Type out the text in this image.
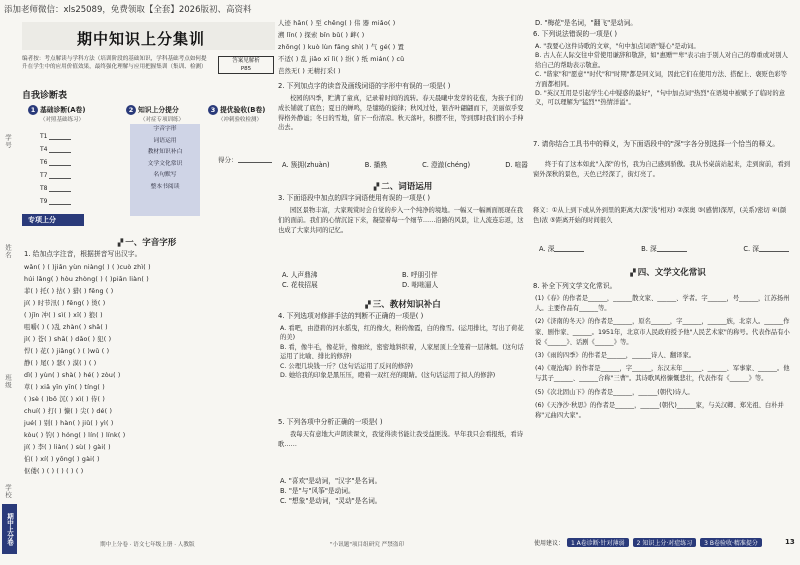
添加老师微信：xls25089，免费领取【全套】2026版初、高资料
学号
姓名
班级
学校
期中上分卷
期中知识上分集训
编者按：考点解读与学科方法（培训阶段的基础知识，学科基础考点如何提升在学生中的应用价值效果，最终强化理解与应用把握集训（集训、检测）
答案见解析
P85
自我诊断表
1 基础诊断(A卷)
（对照基础练习）
2 知识上分提分
（对症专项训练）
3 提优验收(B卷)
（冲刺验收检测）
T1
T4
T6
T7
T8
T9
字音字形
词语运用
教材知识补白
文学文化常识
名句默写
整本书阅读
得分：
专项上分
▞ 一、字音字形
1. 给加点字注音，根据拼音写出汉字。
wǎn( ) ( )jiǎn yùn niàng( ) ( )cuò zhì( )
húi lǎng( ) hòu zhòng( ) ( )piān liàn( )
菲( ) 托( ) 拈( ) 猎( ) fēng ( )
jí( ) 时节汛( ) fēng( ) 烫( )
( )jǐn 冲( ) sì( ) xī( ) 狼( )
咀嚼( ) ( )乱 zhàn( ) shā( )
jì( ) 苍( ) shā( ) dǎo( ) 犯( )
悍( ) 花( ) jiǎng( ) ( )wǔ ( )
静( ) 尾( ) 瑟( ) 漠( ) ( )
dì( ) yùn( ) shà( ) hé( ) zòu( )
草( ) xiā yīn yīn( ) tíng( )
( )sè ( )bō 沉( ) xì( ) 侍( )
chuí( ) 打( ) 慷( ) 尖( ) dé( )
jué( ) 别( ) hàn( ) jiǔ( ) yì( )
kòu( ) 钓( ) hóng( ) lín( ) línk( )
jí( ) 李( ) liàn( ) sù( ) ɡài( )
伯( ) xí( ) yōng( ) gài( )
伛偻( ) ( ) ( ) ( ) ( )
人迹 hān( ) 至 chēng( ) 伟 器 miǎo( )
溯 lǐn( ) 探索 bǐn bǔ( ) 衅( )
zhōnɡ( ) kuò lùn fāng shì( ) 气 ɡé( ) 置
不适( ) 乱 jiǎo xī lì( ) 纷( ) 纸 mián( ) cǔ
芭然无( ) 无精打采( )
2. 下列加点字的读音及画线词语的字形中有误的一项是( )
校园的四季，贮满了童真，记录着时间的流转。春天晨曦中发芽的花苞，为孩子们的成长铺就了底色；夏日的蝉鸣，是缱绻的旋律；秋风过处，银杏叶翩翩而下，美丽似乎变得格外静谧；冬日的雪地，留下一份清凉。秋天落叶，积攒不住，等到那时我们的小手伸出去。
A. 簇拥(zhuàn)	B. 播熟	C. 澄澈(chéng)	D. 喧嚣
▞ 二、词语运用
3. 下面语段中加点的四字词语使用有误的一项是( )
园区景物丰富，大家观赏时会自觉的步入一个纯净的境地。一幅又一幅画面展现在我们的面前。我们的心情沉淀下来，凝望着每一个细节……沿路的风景，让人流连忘返，这也成了大家共同的记忆。
A. 人声鼎沸	B. 呼朋引伴
C. 花枝招展	D. 咄咄逼人
▞ 三、教材知识补白
4. 下列选项对修辞手法的判断不正确的一项是( )
A. 看吧，由澄碧的河水摇曳，红的像火，粉的像霞，白的像雪。(运用排比，写出了荷花的美)
B. 看，像牛毛，像花针，像细丝，密密地斜织着，人家屋顶上全笼着一层薄烟。(这句话运用了比喻、排比的修辞)
C. 公理几块钱一斤？(这句话运用了反问的修辞)
D. 她给我的印象是黑压压，瞪着一双红亮的眼睛。(这句话运用了拟人的修辞)
5. 下列各项中分析正确的一项是( )
我每天有意地大声朗读课文，我觉得读书能让我受益匪浅。早年我只会看报纸，看诗歌……
A. "喜欢"是动词，"汉字"是名词。
B. "是"与"风筝"是动词。
C. "想象"是动词，"灵动"是名词。
D. "梅花"是名词，"翻飞"是动词。
6. 下列说法错误的一项是( )
A. "我要心这件诗歌的文章，"句中加点词语"疑心"是动词。
B. 古人在人际交往中常使用谦辞和敬辞，如"惠赠""卑"表示由于别人对自己的尊重或对别人给自己的帮助表示敬意。
C. "谐家"和"愿意""时代"和"时期"都是同义词，因此它们在使用方法、搭配上、褒贬色彩等方面都相同。
D. "英汉互用是引起学生心中疑惑的最好"，"句中加点词"热烈"在语境中被赋予了临时的意义，可以理解为"猛烈""热情洋溢"。
7. 请你结合工具书中的释义，为下面语段中的"深"字各分别选择一个恰当的释义。
终于有了这本如此"入深"的书，我为自己感到骄傲。我从书桌前站起来，走到窗前，看到窗外深秋的景色，天色已经深了，街灯亮了。
释义：①从上到下或从外到里的距离大(深"浅"相对) ②深奥 ③(感情)深厚，(关系)密切 ④(颜色)浓 ⑤距离开始的时间很久
A. 深	B. 深	C. 深
▞ 四、文学文化常识
8. 补全下列文学文化常识。
(1)《春》的作者是______，______散文家、______、学者。字______，号______，江苏扬州人。主要作品有______等。
(2)《济南的冬天》的作者是______，原名______，字______，______族，北京人。______作家、剧作家、______。1951年，北京市人民政府授予他"人民艺术家"的称号。代表作品有小说《______》、话剧《______》等。
(3)《雨的四季》的作者是______，______诗人、翻译家。
(4)《观沧海》的作者是______，字______，东汉末年______、______、军事家、______。他与其子______、______合称"三曹"。其诗歌风格慷慨悲壮，代表作有《______》等。
(5)《次北固山下》的作者是______，______(朝代)诗人。
(6)《天净沙·秋思》的作者是______，______(朝代)______家，与关汉卿、郑光祖、白朴并称"元曲四大家"。
期中上分卷 · 语文七年级上册 · 人教版	"小讯题"项目组研究 严禁盗印	使用建议： 1 A卷诊断·针对薄弱 2 知识上分·对症练习 3 B卷验收·精准提分	13
